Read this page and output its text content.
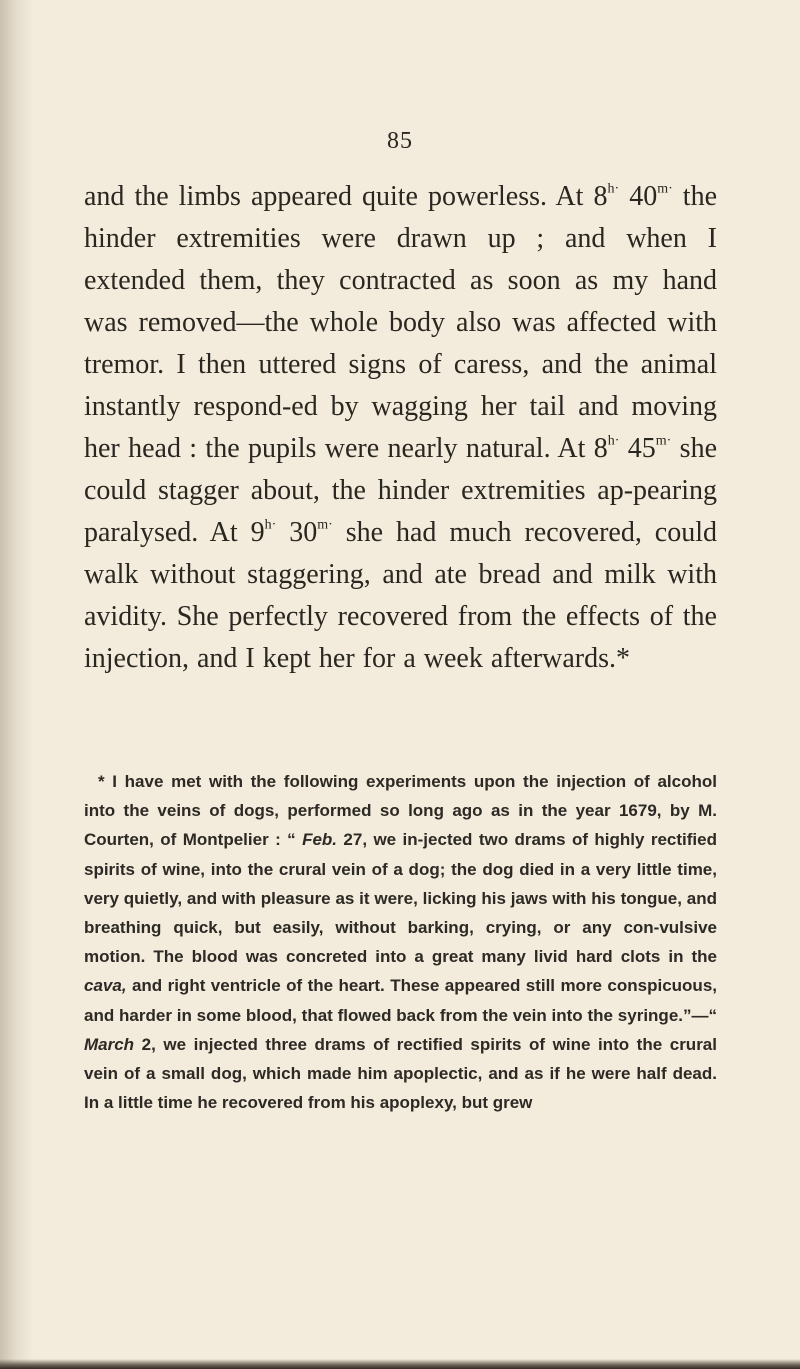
85

and the limbs appeared quite powerless. At $8^{h\cdot}$ $40^{m\cdot}$ the hinder extremities were drawn up ; and when I extended them, they contracted as soon as my hand was removed—the whole body also was affected with tremor. I then uttered signs of caress, and the animal instantly respond-ed by wagging her tail and moving her head : the pupils were nearly natural. At $8^{h\cdot}$ $45^{m\cdot}$ she could stagger about, the hinder extremities ap-pearing paralysed. At $9^{h\cdot}$ $30^{m\cdot}$ she had much recovered, could walk without staggering, and ate bread and milk with avidity. She perfectly recovered from the effects of the injection, and I kept her for a week afterwards.*

* I have met with the following experiments upon the injection of alcohol into the veins of dogs, performed so long ago as in the year 1679, by M. Courten, of Montpelier : “ Feb. 27, we in-jected two drams of highly rectified spirits of wine, into the crural vein of a dog; the dog died in a very little time, very quietly, and with pleasure as it were, licking his jaws with his tongue, and breathing quick, but easily, without barking, crying, or any con-vulsive motion. The blood was concreted into a great many livid hard clots in the cava, and right ventricle of the heart. These appeared still more conspicuous, and harder in some blood, that flowed back from the vein into the syringe.”—“ March 2, we injected three drams of rectified spirits of wine into the crural vein of a small dog, which made him apoplectic, and as if he were half dead. In a little time he recovered from his apoplexy, but grew
